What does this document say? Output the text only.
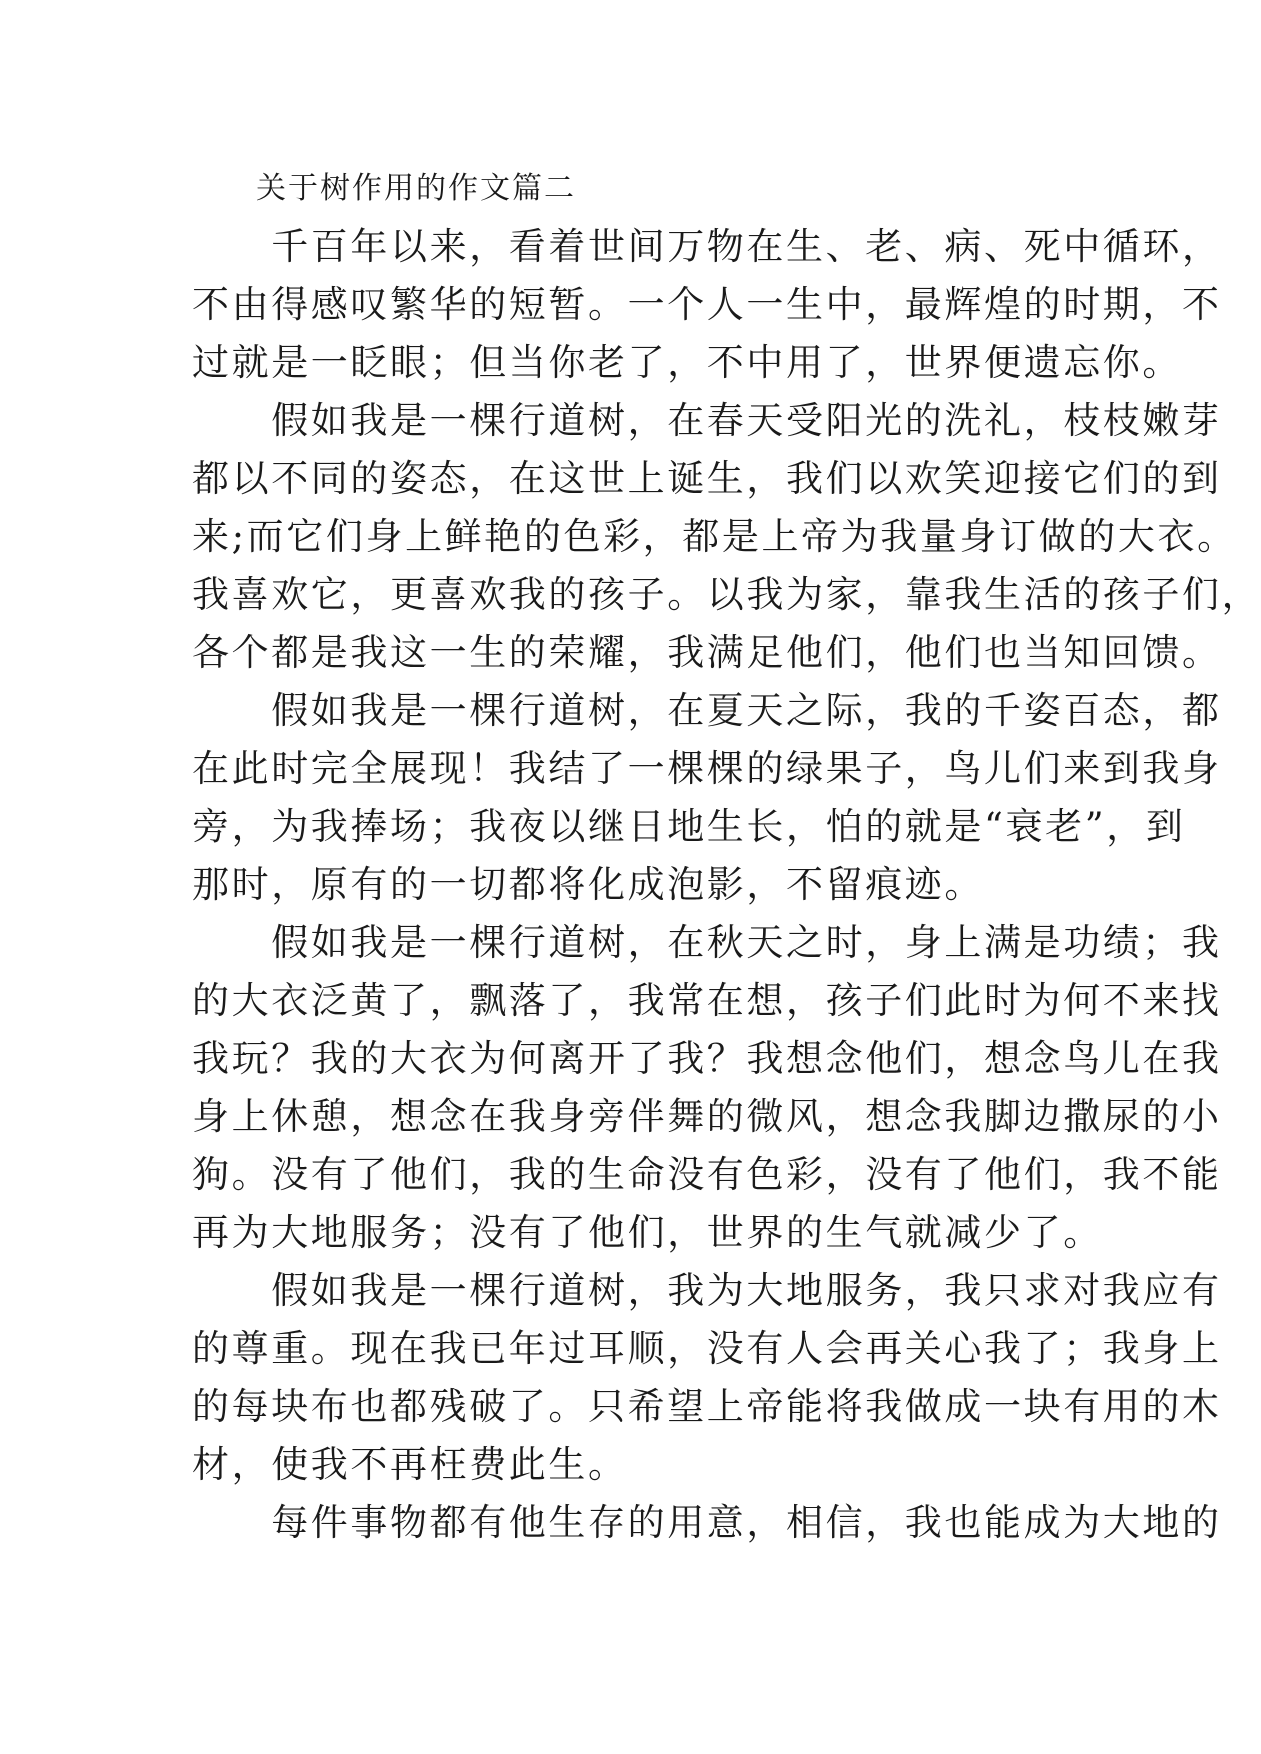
关于树作用的作文篇二
　　千百年以来，看着世间万物在生、老、病、死中循环，
不由得感叹繁华的短暂。一个人一生中，最辉煌的时期，不
过就是一眨眼；但当你老了，不中用了，世界便遗忘你。
　　假如我是一棵行道树，在春天受阳光的洗礼，枝枝嫩芽
都以不同的姿态，在这世上诞生，我们以欢笑迎接它们的到
来;而它们身上鲜艳的色彩，都是上帝为我量身订做的大衣。
我喜欢它，更喜欢我的孩子。以我为家，靠我生活的孩子们，
各个都是我这一生的荣耀，我满足他们，他们也当知回馈。
　　假如我是一棵行道树，在夏天之际，我的千姿百态，都
在此时完全展现！我结了一棵棵的绿果子，鸟儿们来到我身
旁，为我捧场；我夜以继日地生长，怕的就是“衰老”，到
那时，原有的一切都将化成泡影，不留痕迹。
　　假如我是一棵行道树，在秋天之时，身上满是功绩；我
的大衣泛黄了，飘落了，我常在想，孩子们此时为何不来找
我玩？我的大衣为何离开了我？我想念他们，想念鸟儿在我
身上休憩，想念在我身旁伴舞的微风，想念我脚边撒尿的小
狗。没有了他们，我的生命没有色彩，没有了他们，我不能
再为大地服务；没有了他们，世界的生气就减少了。
　　假如我是一棵行道树，我为大地服务，我只求对我应有
的尊重。现在我已年过耳顺，没有人会再关心我了；我身上
的每块布也都残破了。只希望上帝能将我做成一块有用的木
材，使我不再枉费此生。
　　每件事物都有他生存的用意，相信，我也能成为大地的
